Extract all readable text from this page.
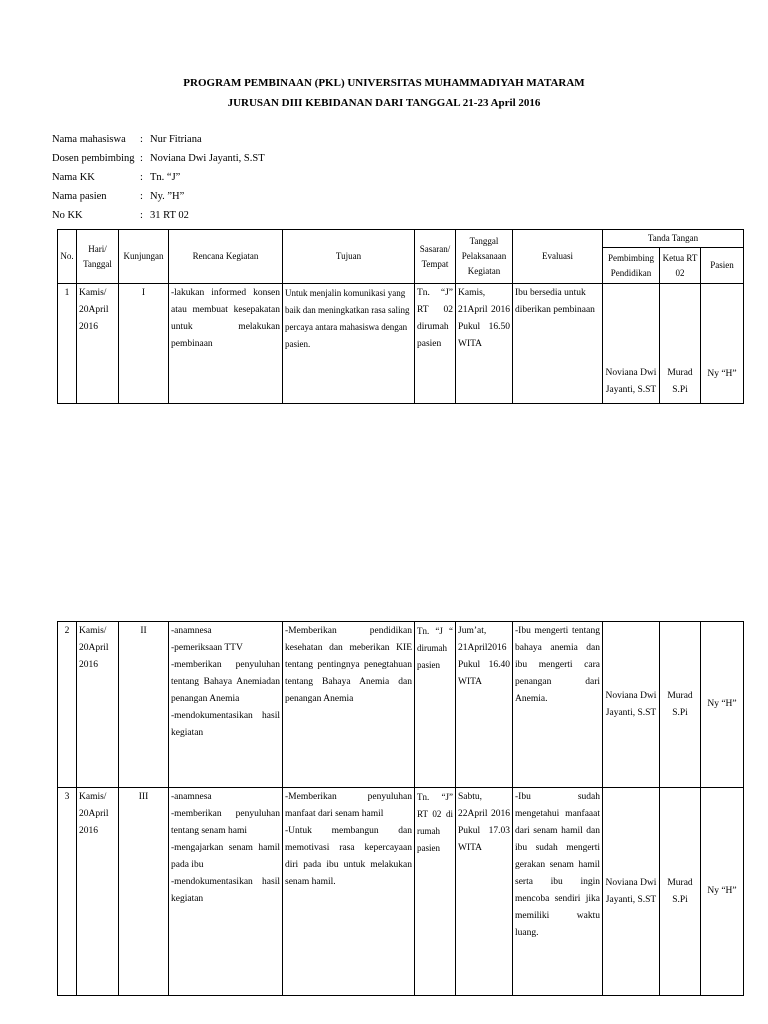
PROGRAM PEMBINAAN (PKL) UNIVERSITAS MUHAMMADIYAH MATARAM
JURUSAN DIII KEBIDANAN DARI TANGGAL 21-23 April 2016
Nama mahasiswa : Nur Fitriana
Dosen pembimbing : Noviana Dwi Jayanti, S.ST
Nama KK	: Tn. “J”
Nama pasien	: Ny. ”H”
No KK	: 31 RT 02
No.	Hari/ Tanggal	Kunjungan	Rencana Kegiatan	Tujuan	Sasaran/ Tempat	Tanggal Pelaksanaan Kegiatan	Evaluasi	Tanda Tangan		
								Pembimbing Pendidikan	Ketua RT 02	Pasien
1	Kamis/ 20April 2016	I	- lakukan informed konsen atau membuat kesepakatan untuk melakukan pembinaan	Untuk menjalin komunikasi yang baik dan meningkatkan rasa saling percaya antara mahasiswa dengan pasien.	Tn. “J” RT 02 dirumah pasien	Kamis, 21April 2016 Pukul 16.50 WITA	Ibu bersedia untuk diberikan pembinaan	Noviana Dwi Jayanti, S.ST	Murad S.Pi	Ny “H”
2	Kamis/ 20April 2016	II	- anamnesa
- pemeriksaan TTV
- memberikan penyuluhan tentang Bahaya Anemiadan penangan Anemia
- mendokumentasikan hasil kegiatan	- Memberikan pendidikan kesehatan dan meberikan KIE tentang pentingnya penegtahuan tentang Bahaya Anemia dan penangan Anemia	Tn. “J “ dirumah pasien	Jum’at, 21April2016 Pukul 16.40 WITA	- Ibu mengerti tentang bahaya anemia dan ibu mengerti cara penangan dari Anemia.	Noviana Dwi Jayanti, S.ST	Murad S.Pi	Ny “H”
3	Kamis/ 20April 2016	III	- anamnesa
- memberikan penyuluhan tentang senam hami
- mengajarkan senam hamil pada ibu
- mendokumentasikan hasil kegiatan	- Memberikan penyuluhan manfaat dari senam hamil
- Untuk membangun dan memotivasi rasa kepercayaan diri pada ibu untuk melakukan senam hamil.	Tn. “J” RT 02 di rumah pasien	Sabtu, 22April 2016 Pukul 17.03 WITA	- Ibu sudah mengetahui manfaaat dari senam hamil dan ibu sudah mengerti gerakan senam hamil serta ibu ingin mencoba sendiri jika memiliki waktu luang.	Noviana Dwi Jayanti, S.ST	Murad S.Pi	Ny “H”
